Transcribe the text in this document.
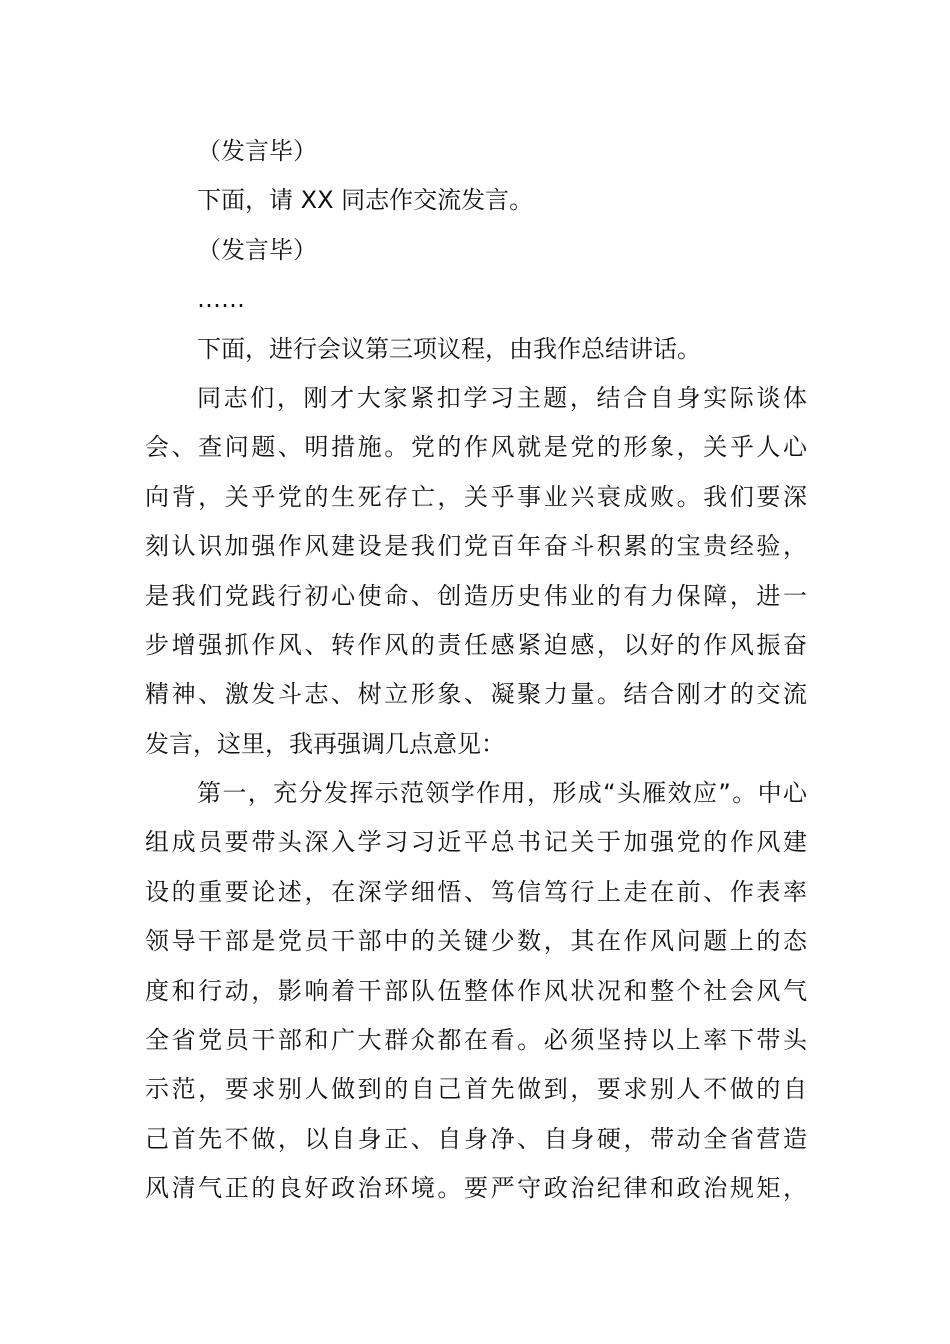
（发言毕）
下面，请 XX 同志作交流发言。
（发言毕）
……
下面，进行会议第三项议程，由我作总结讲话。
同志们，刚才大家紧扣学习主题，结合自身实际谈体
会、查问题、明措施。党的作风就是党的形象，关乎人心
向背，关乎党的生死存亡，关乎事业兴衰成败。我们要深
刻认识加强作风建设是我们党百年奋斗积累的宝贵经验，
是我们党践行初心使命、创造历史伟业的有力保障，进一
步增强抓作风、转作风的责任感紧迫感，以好的作风振奋
精神、激发斗志、树立形象、凝聚力量。结合刚才的交流
发言，这里，我再强调几点意见：
第一，充分发挥示范领学作用，形成“头雁效应”。中心
组成员要带头深入学习习近平总书记关于加强党的作风建
设的重要论述，在深学细悟、笃信笃行上走在前、作表率
领导干部是党员干部中的关键少数，其在作风问题上的态
度和行动，影响着干部队伍整体作风状况和整个社会风气
全省党员干部和广大群众都在看。必须坚持以上率下带头
示范，要求别人做到的自己首先做到，要求别人不做的自
己首先不做，以自身正、自身净、自身硬，带动全省营造
风清气正的良好政治环境。要严守政治纪律和政治规矩，
